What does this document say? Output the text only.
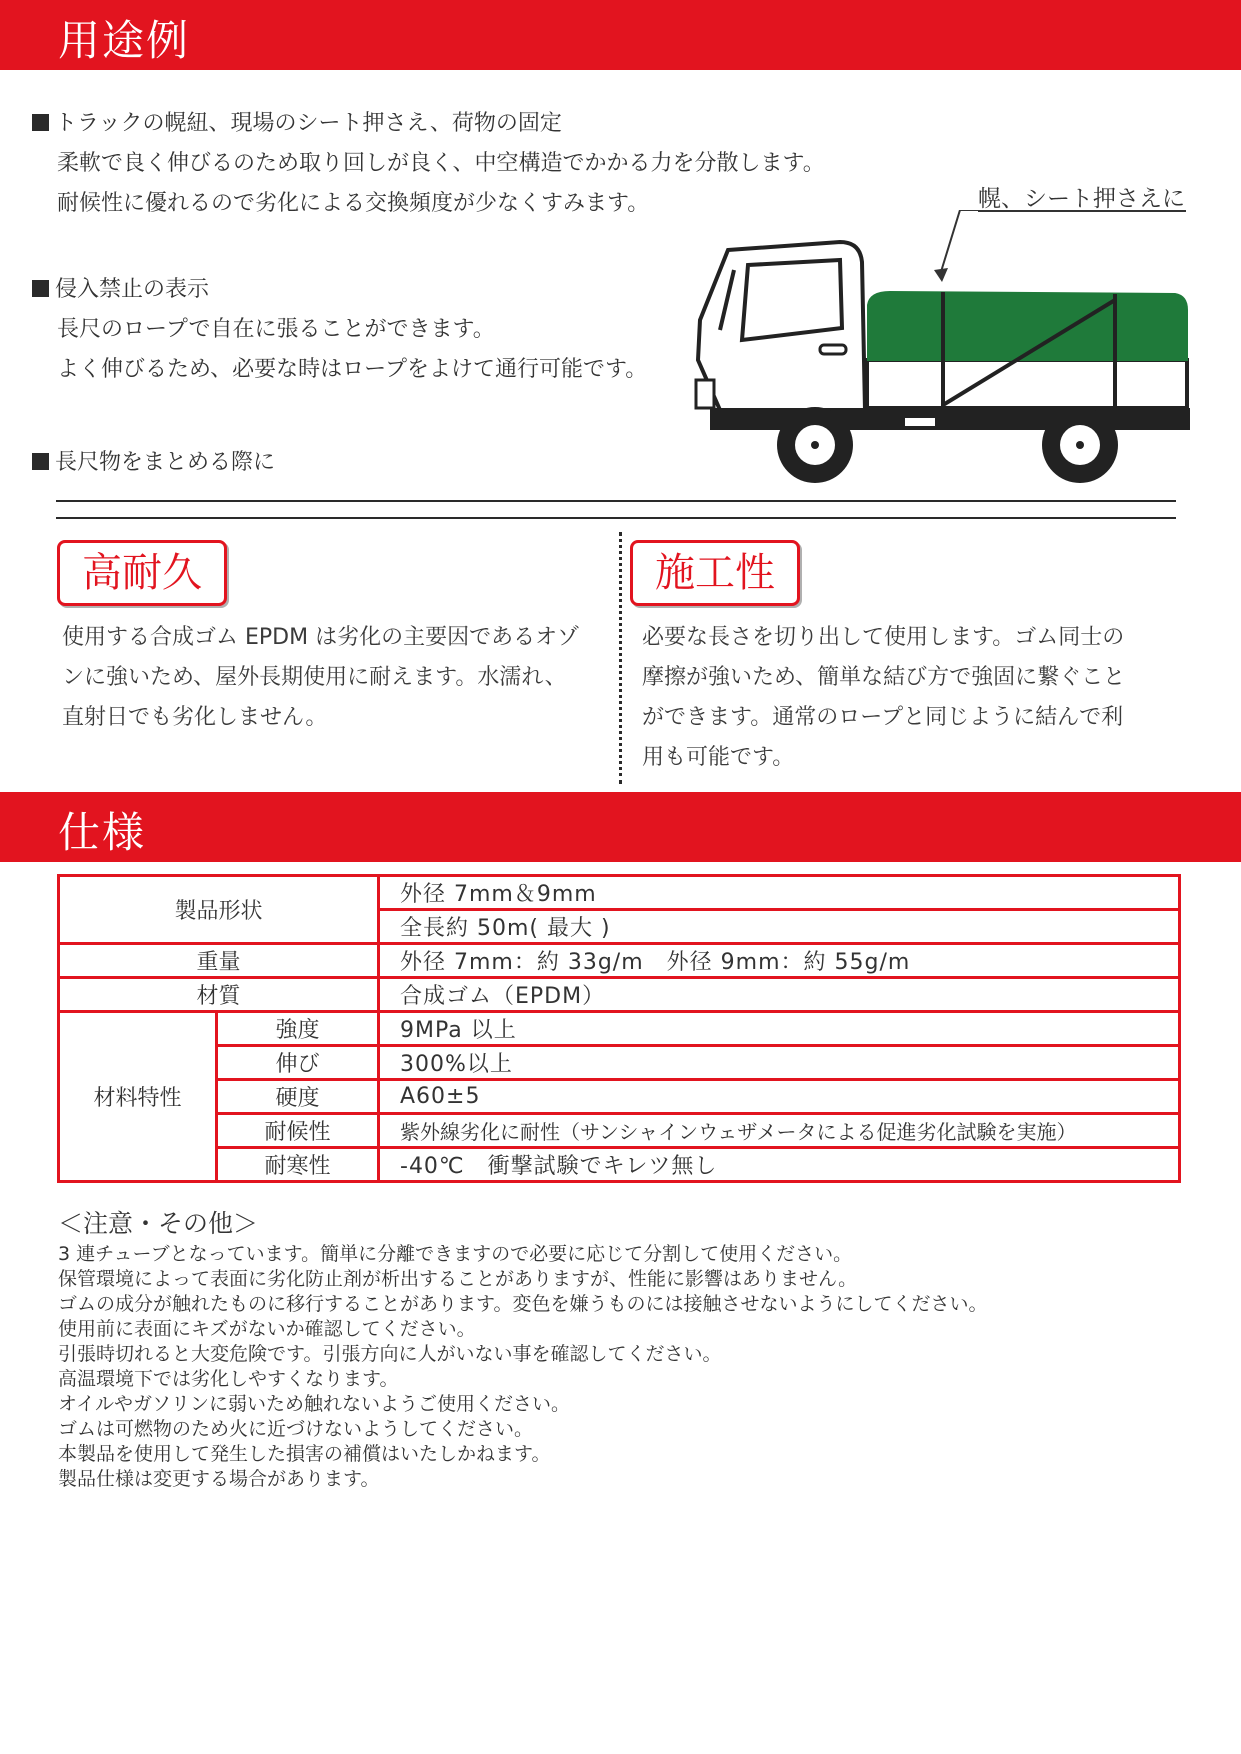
用途例
トラックの幌紐、現場のシート押さえ、荷物の固定
柔軟で良く伸びるのため取り回しが良く、中空構造でかかる力を分散します。
耐候性に優れるので劣化による交換頻度が少なくすみます。
侵入禁止の表示
長尺のロープで自在に張ることができます。
よく伸びるため、必要な時はロープをよけて通行可能です。
長尺物をまとめる際に
幌、シート押さえに
高耐久
使用する合成ゴム EPDM は劣化の主要因であるオゾ
ンに強いため、屋外長期使用に耐えます。水濡れ、
直射日でも劣化しません。
施工性
必要な長さを切り出して使用します。ゴム同士の
摩擦が強いため、簡単な結び方で強固に繋ぐこと
ができます。通常のロープと同じように結んで利
用も可能です。
仕様
製品形状		外径 7mm＆9mm
		全長約 50m( 最大 )
重量		外径 7mm：約 33g/m　外径 9mm：約 55g/m
材質		合成ゴム（EPDM）
材料特性	強度	9MPa 以上
	伸び	300%以上
	硬度	A60±5
	耐候性	紫外線劣化に耐性（サンシャインウェザメータによる促進劣化試験を実施）
	耐寒性	-40℃　衝撃試験でキレツ無し
＜注意・その他＞
3 連チューブとなっています。簡単に分離できますので必要に応じて分割して使用ください。
保管環境によって表面に劣化防止剤が析出することがありますが、性能に影響はありません。
ゴムの成分が触れたものに移行することがあります。変色を嫌うものには接触させないようにしてください。
使用前に表面にキズがないか確認してください。
引張時切れると大変危険です。引張方向に人がいない事を確認してください。
高温環境下では劣化しやすくなります。
オイルやガソリンに弱いため触れないようご使用ください。
ゴムは可燃物のため火に近づけないようしてください。
本製品を使用して発生した損害の補償はいたしかねます。
製品仕様は変更する場合があります。
